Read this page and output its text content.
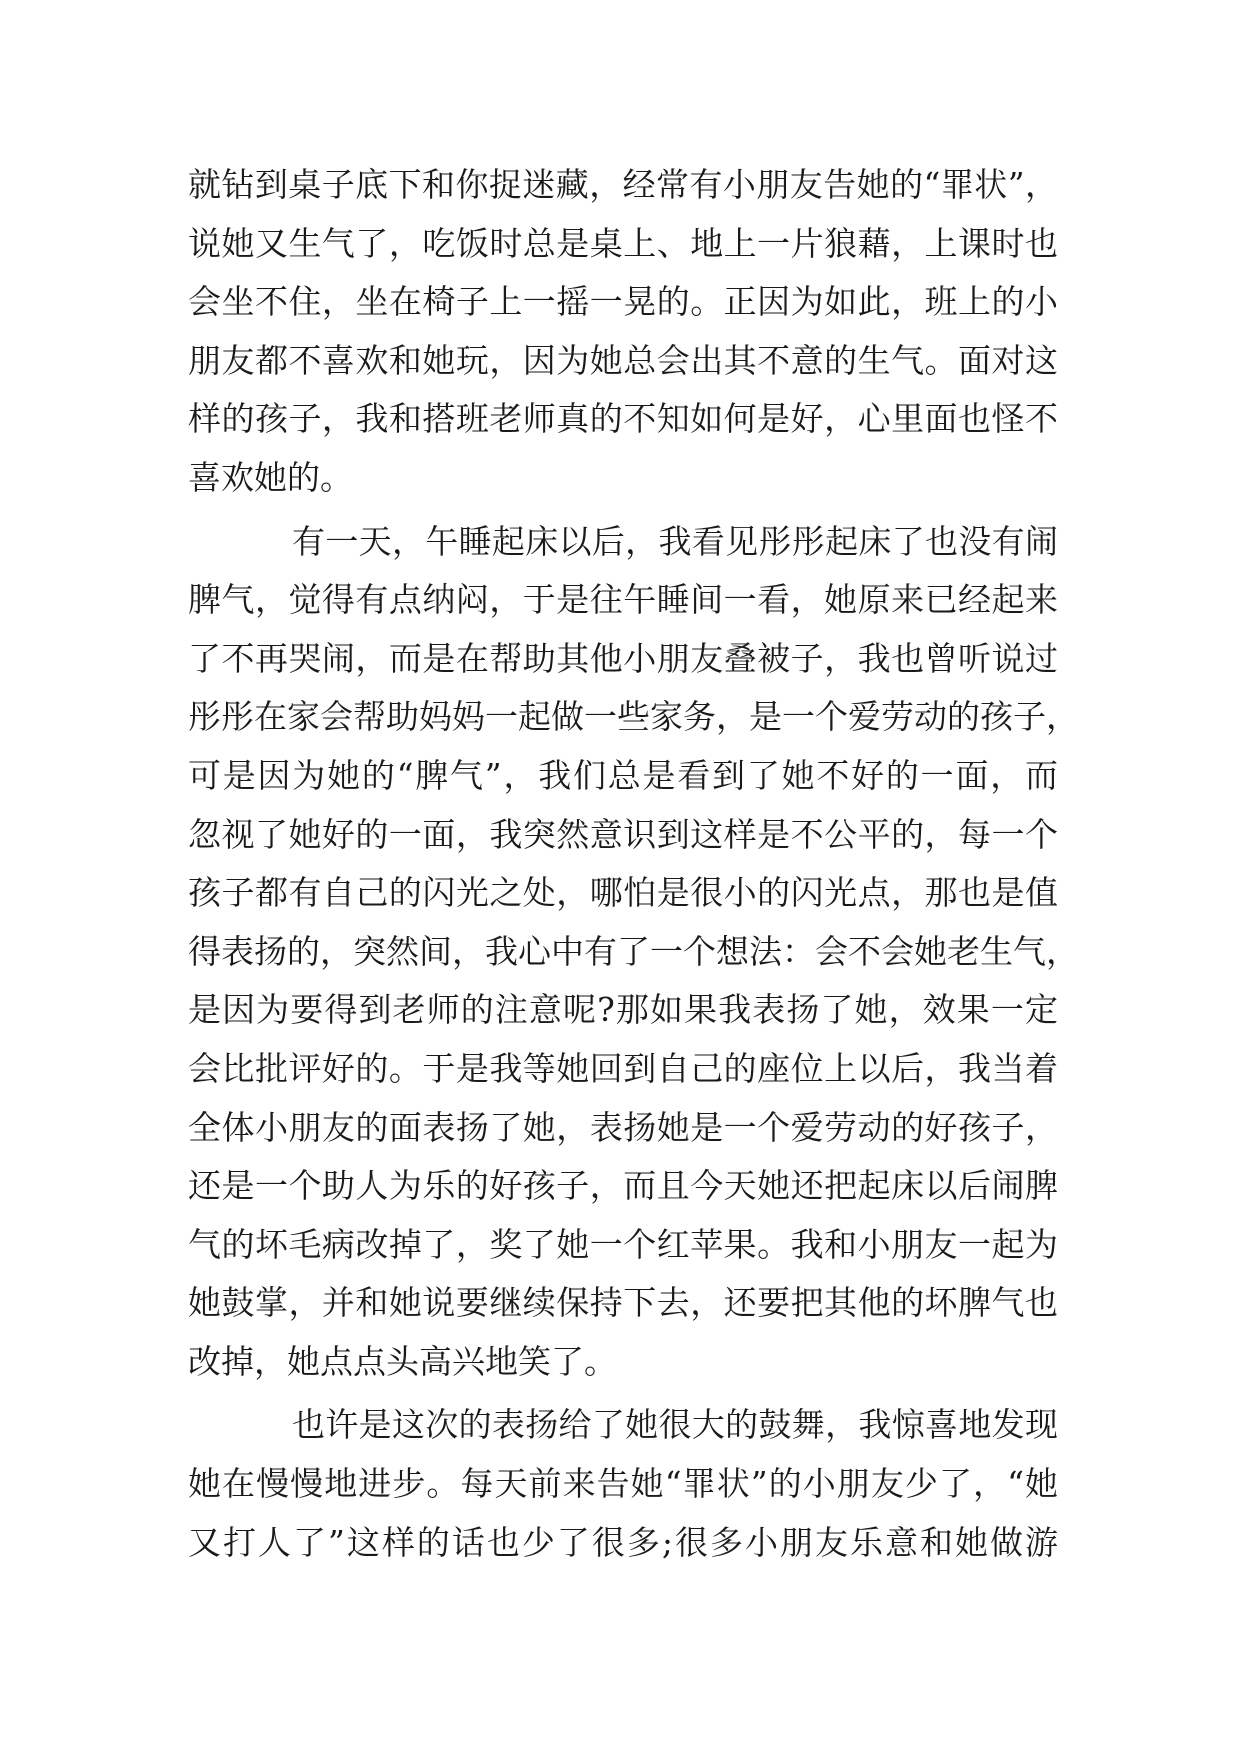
就钻到桌子底下和你捉迷藏，经常有小朋友告她的“罪状”，
说她又生气了，吃饭时总是桌上、地上一片狼藉，上课时也
会坐不住，坐在椅子上一摇一晃的。正因为如此，班上的小
朋友都不喜欢和她玩，因为她总会出其不意的生气。面对这
样的孩子，我和搭班老师真的不知如何是好，心里面也怪不
喜欢她的。
有一天，午睡起床以后，我看见彤彤起床了也没有闹
脾气，觉得有点纳闷，于是往午睡间一看，她原来已经起来
了不再哭闹，而是在帮助其他小朋友叠被子，我也曾听说过
彤彤在家会帮助妈妈一起做一些家务，是一个爱劳动的孩子，
可是因为她的“脾气”，我们总是看到了她不好的一面，而
忽视了她好的一面，我突然意识到这样是不公平的，每一个
孩子都有自己的闪光之处，哪怕是很小的闪光点，那也是值
得表扬的，突然间，我心中有了一个想法：会不会她老生气，
是因为要得到老师的注意呢?那如果我表扬了她，效果一定
会比批评好的。于是我等她回到自己的座位上以后，我当着
全体小朋友的面表扬了她，表扬她是一个爱劳动的好孩子，
还是一个助人为乐的好孩子，而且今天她还把起床以后闹脾
气的坏毛病改掉了，奖了她一个红苹果。我和小朋友一起为
她鼓掌，并和她说要继续保持下去，还要把其他的坏脾气也
改掉，她点点头高兴地笑了。
也许是这次的表扬给了她很大的鼓舞，我惊喜地发现
她在慢慢地进步。每天前来告她“罪状”的小朋友少了，“她
又打人了”这样的话也少了很多;很多小朋友乐意和她做游
